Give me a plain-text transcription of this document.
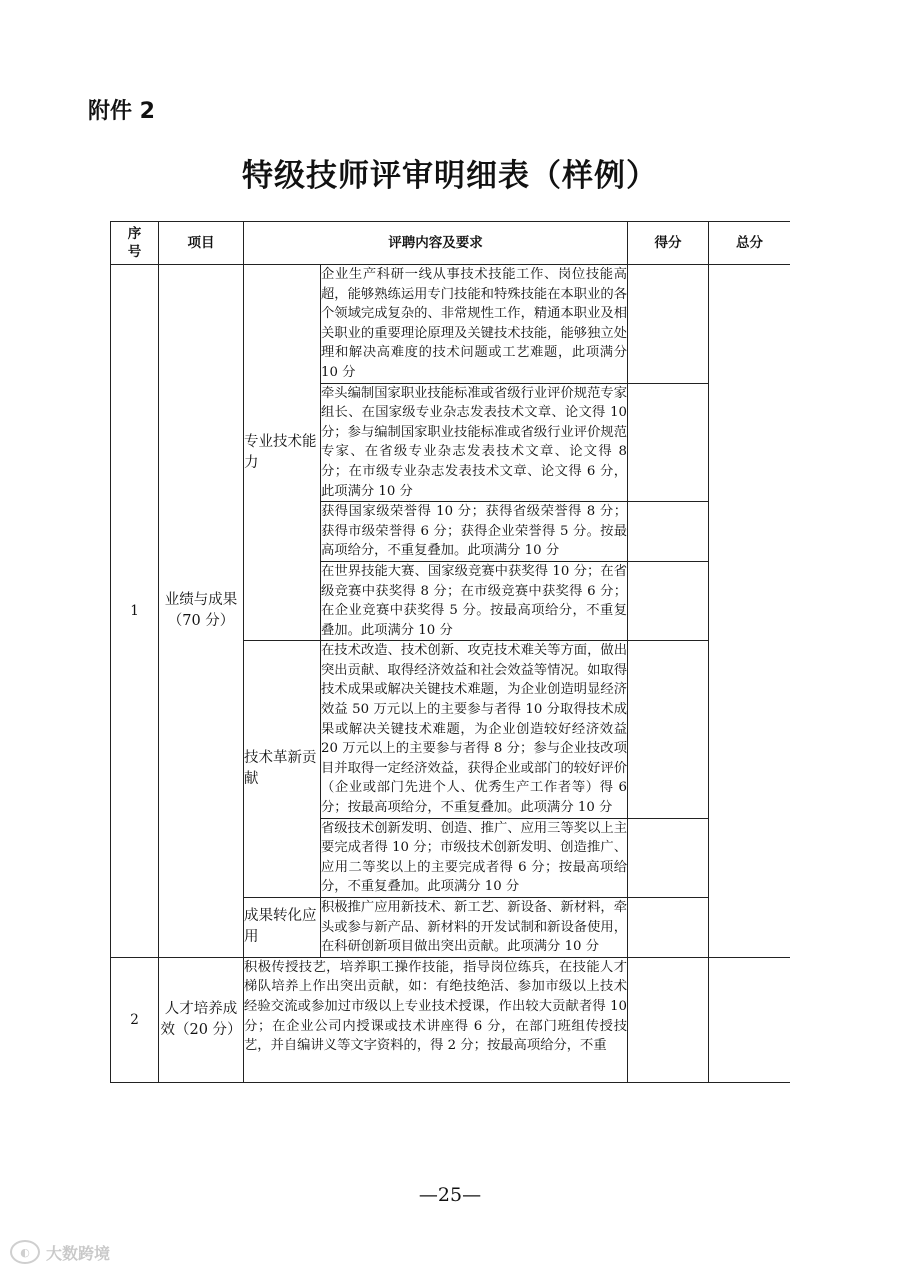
附件 2
特级技师评审明细表（样例）
序号	项目	评聘内容及要求		得分	总分
1	业绩与成果（70 分）	专业技术能力	企业生产科研一线从事技术技能工作、岗位技能高超，能够熟练运用专门技能和特殊技能在本职业的各个领域完成复杂的、非常规性工作，精通本职业及相关职业的重要理论原理及关键技术技能，能够独立处理和解决高难度的技术问题或工艺难题，此项满分 10 分		
			牵头编制国家职业技能标准或省级行业评价规范专家组长、在国家级专业杂志发表技术文章、论文得 10 分；参与编制国家职业技能标准或省级行业评价规范专家、在省级专业杂志发表技术文章、论文得 8 分；在市级专业杂志发表技术文章、论文得 6 分，此项满分 10 分		
			获得国家级荣誉得 10 分；获得省级荣誉得 8 分；获得市级荣誉得 6 分；获得企业荣誉得 5 分。按最高项给分，不重复叠加。此项满分 10 分		
			在世界技能大赛、国家级竞赛中获奖得 10 分；在省级竞赛中获奖得 8 分；在市级竞赛中获奖得 6 分；在企业竞赛中获奖得 5 分。按最高项给分，不重复叠加。此项满分 10 分		
		技术革新贡献	在技术改造、技术创新、攻克技术难关等方面，做出突出贡献、取得经济效益和社会效益等情况。如取得技术成果或解决关键技术难题，为企业创造明显经济效益 50 万元以上的主要参与者得 10 分取得技术成果或解决关键技术难题，为企业创造较好经济效益 20 万元以上的主要参与者得 8 分；参与企业技改项目并取得一定经济效益，获得企业或部门的较好评价（企业或部门先进个人、优秀生产工作者等）得 6 分；按最高项给分，不重复叠加。此项满分 10 分		
			省级技术创新发明、创造、推广、应用三等奖以上主要完成者得 10 分；市级技术创新发明、创造推广、应用二等奖以上的主要完成者得 6 分；按最高项给分，不重复叠加。此项满分 10 分		
		成果转化应用	积极推广应用新技术、新工艺、新设备、新材料，牵头或参与新产品、新材料的开发试制和新设备使用，在科研创新项目做出突出贡献。此项满分 10 分		
2	人才培养成效（20 分）	积极传授技艺，培养职工操作技能，指导岗位练兵，在技能人才梯队培养上作出突出贡献，如：有绝技绝活、参加市级以上技术经验交流或参加过市级以上专业技术授课，作出较大贡献者得 10 分；在企业公司内授课或技术讲座得 6 分，在部门班组传授技艺，并自编讲义等文字资料的，得 2 分；按最高项给分，不重			
—25—
◐	大数跨境
